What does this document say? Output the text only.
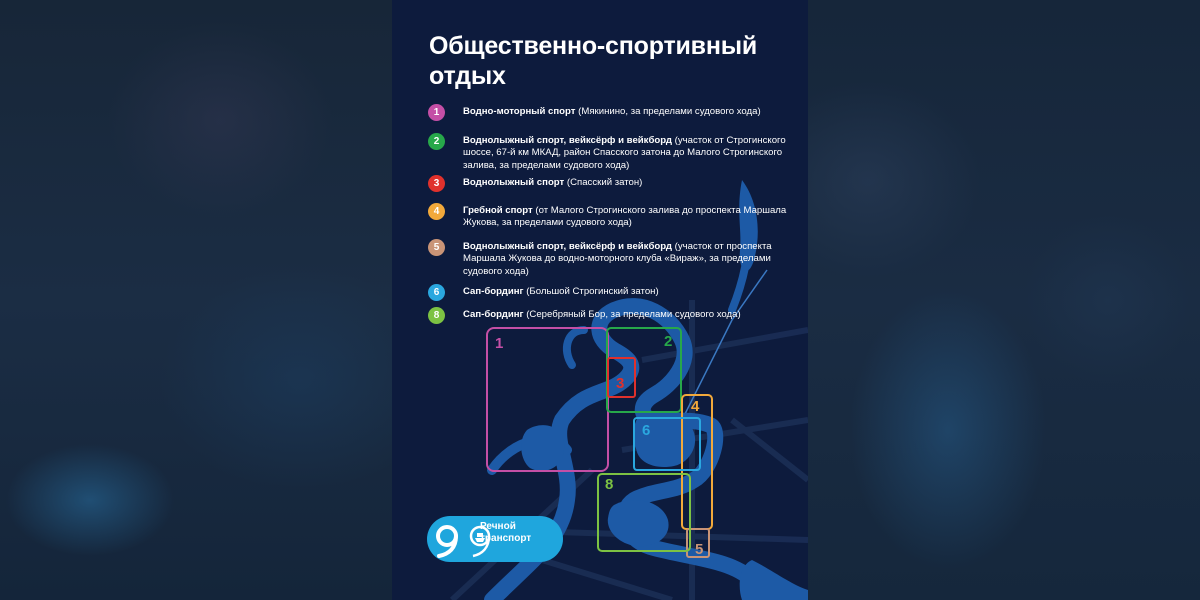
1	2
3
4
5
6
8
Общественно-спортивный отдых
1	Водно-моторный спорт (Мякинино, за пределами судового хода)
2	Воднолыжный спорт, вейксёрф и вейкборд (участок от Строгинского шоссе, 67-й км МКАД, район Спасского затона до Малого Строгинского залива, за пределами судового хода)
3	Воднолыжный спорт (Спасский затон)
4	Гребной спорт (от Малого Строгинского залива до проспекта Маршала Жукова, за пределами судового хода)
5	Воднолыжный спорт, вейксёрф и вейкборд (участок от проспекта Маршала Жукова до водно-моторного клуба «Вираж», за пределами судового хода)
6	Сап-бординг (Большой Строгинский затон)
8	Сап-бординг (Серебряный Бор, за пределами судового хода)
Речной
транспорт
